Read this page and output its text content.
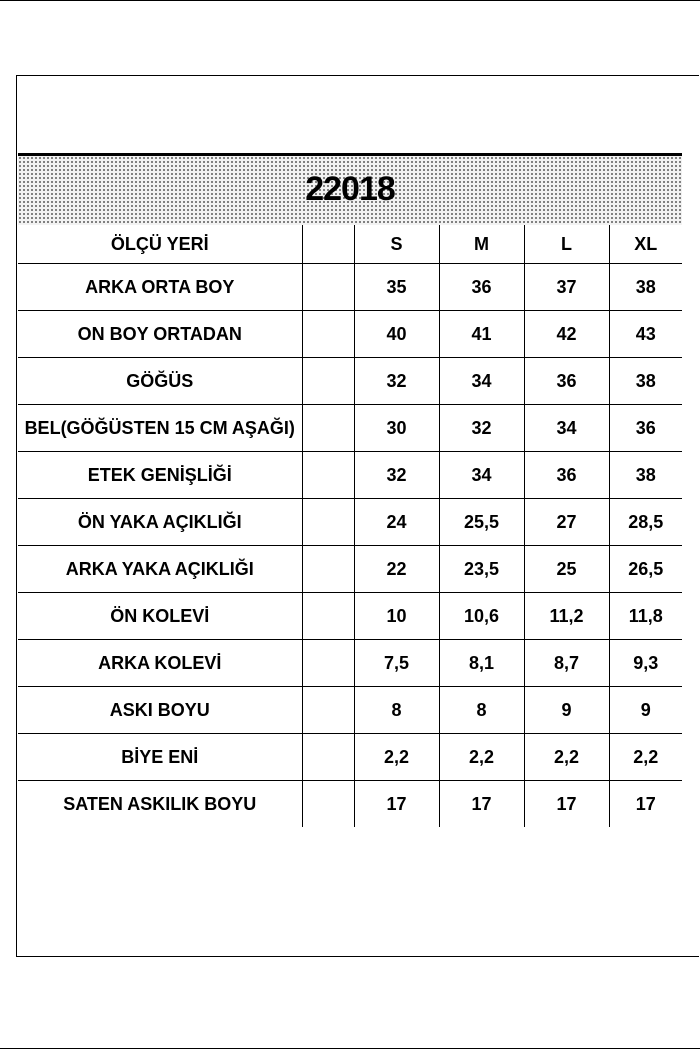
22018
ÖLÇÜ YERİ		S	M	L	XL
ARKA ORTA BOY		35	36	37	38
ON BOY ORTADAN		40	41	42	43
GÖĞÜS		32	34	36	38
BEL(GÖĞÜSTEN 15 CM AŞAĞI)		30	32	34	36
ETEK GENİŞLİĞİ		32	34	36	38
ÖN YAKA AÇIKLIĞI		24	25,5	27	28,5
ARKA YAKA AÇIKLIĞI		22	23,5	25	26,5
ÖN KOLEVİ		10	10,6	11,2	11,8
ARKA KOLEVİ		7,5	8,1	8,7	9,3
ASKI BOYU		8	8	9	9
BİYE ENİ		2,2	2,2	2,2	2,2
SATEN ASKILIK BOYU		17	17	17	17
